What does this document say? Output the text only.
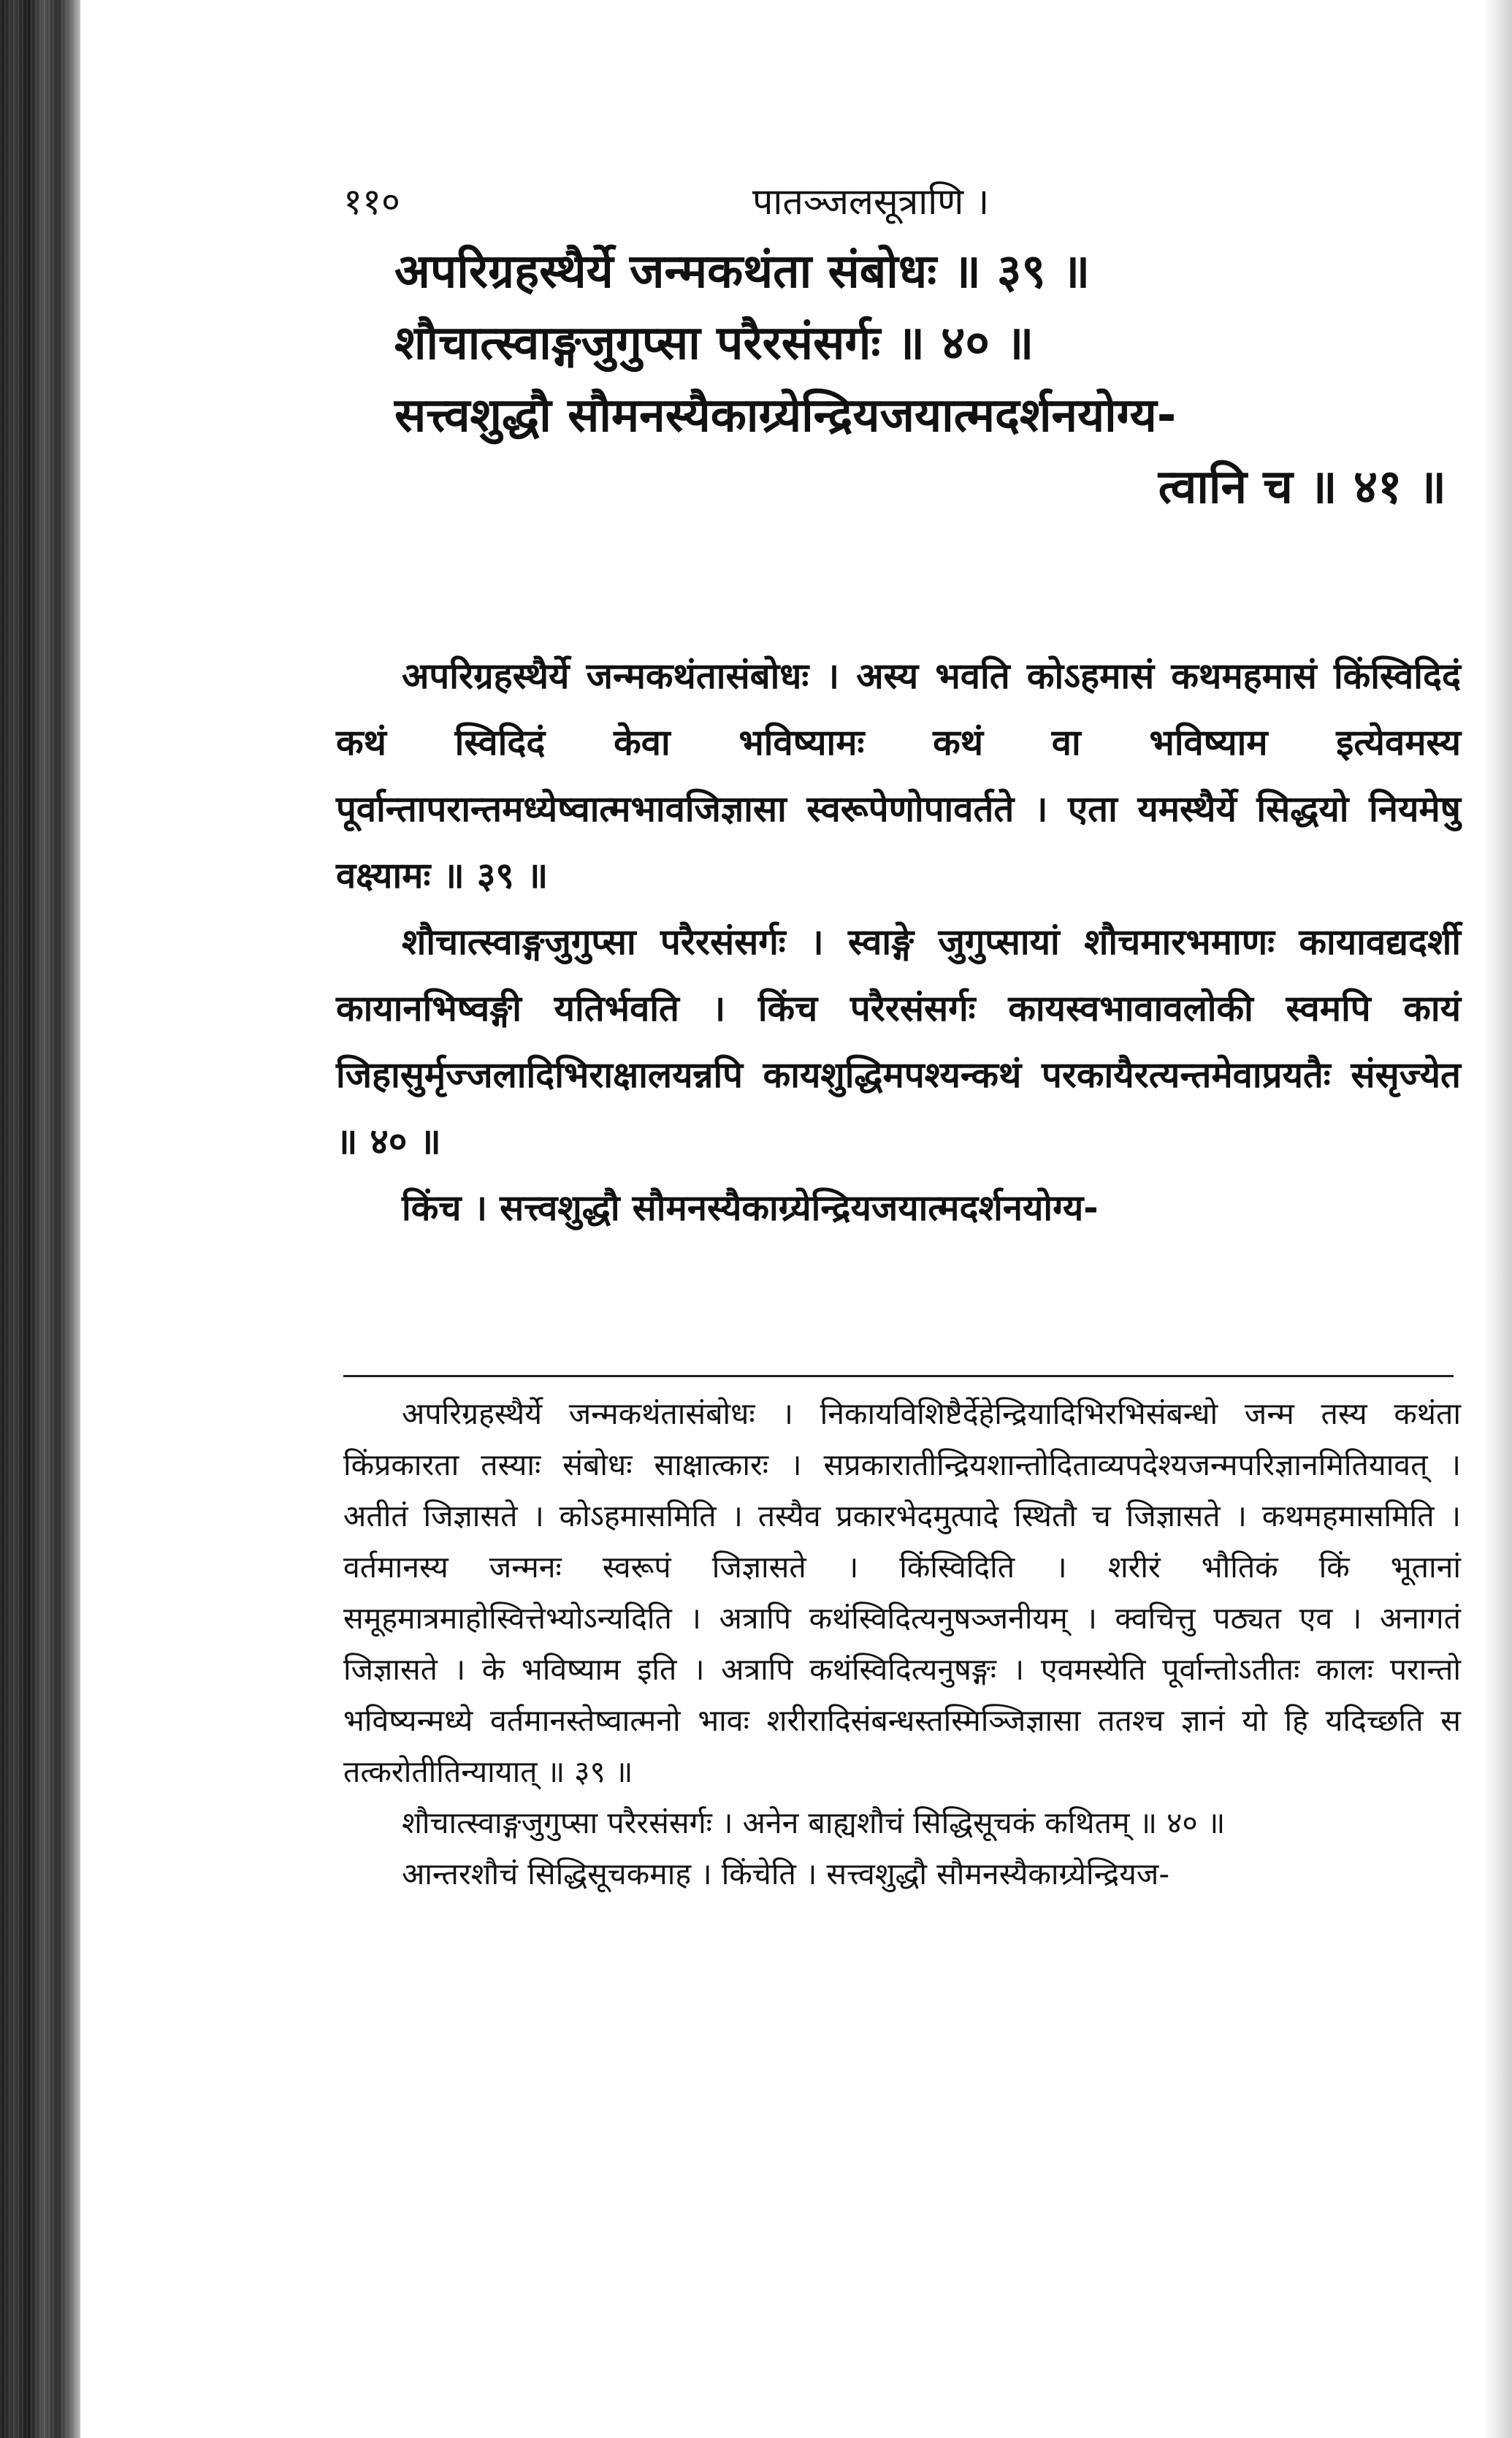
११०	पातञ्जलसूत्राणि ।
अपरिग्रहस्थैर्ये जन्मकथंता संबोधः ॥ ३९ ॥
शौचात्स्वाङ्गजुगुप्सा परैरसंसर्गः ॥ ४० ॥
सत्त्वशुद्धौ सौमनस्यैकाग्र्येन्द्रियजयात्मदर्शनयोग्य-
त्वानि च ॥ ४१ ॥

अपरिग्रहस्थैर्ये जन्मकथंतासंबोधः । अस्य भवति कोऽहमासं कथमहमासं किंस्विदिदं कथं स्विदिदं केवा भविष्यामः कथं वा भविष्याम इत्येवमस्य पूर्वान्तापरान्तमध्येष्वात्मभावजिज्ञासा स्वरूपेणोपावर्तते । एता यमस्थैर्ये सिद्धयो नियमेषु वक्ष्यामः ॥ ३९ ॥

शौचात्स्वाङ्गजुगुप्सा परैरसंसर्गः । स्वाङ्गे जुगुप्सायां शौचमारभमाणः कायावद्यदर्शी कायानभिष्वङ्गी यतिर्भवति । किंच परैरसंसर्गः कायस्वभावावलोकी स्वमपि कायं जिहासुर्मृज्जलादिभिराक्षालयन्नपि कायशुद्धिमपश्यन्कथं परकायैरत्यन्तमेवाप्रयतैः संसृज्येत ॥ ४० ॥

किंच । सत्त्वशुद्धौ सौमनस्यैकाग्र्येन्द्रियजयात्मदर्शनयोग्य-

अपरिग्रहस्थैर्ये जन्मकथंतासंबोधः । निकायविशिष्टैर्देहेन्द्रियादिभिरभिसंबन्धो जन्म तस्य कथंता किंप्रकारता तस्याः संबोधः साक्षात्कारः । सप्रकारातीन्द्रियशान्तोदिताव्यपदेश्यजन्मपरिज्ञानमितियावत् । अतीतं जिज्ञासते । कोऽहमासमिति । तस्यैव प्रकारभेदमुत्पादे स्थितौ च जिज्ञासते । कथमहमासमिति । वर्तमानस्य जन्मनः स्वरूपं जिज्ञासते । किंस्विदिति । शरीरं भौतिकं किं भूतानां समूहमात्रमाहोस्वित्तेभ्योऽन्यदिति । अत्रापि कथंस्विदित्यनुषञ्जनीयम् । क्वचित्तु पठ्यत एव । अनागतं जिज्ञासते । के भविष्याम इति । अत्रापि कथंस्विदित्यनुषङ्गः । एवमस्येति पूर्वान्तोऽतीतः कालः परान्तो भविष्यन्मध्ये वर्तमानस्तेष्वात्मनो भावः शरीरादिसंबन्धस्तस्मिञ्जिज्ञासा ततश्च ज्ञानं यो हि यदिच्छति स तत्करोतीतिन्यायात् ॥ ३९ ॥

शौचात्स्वाङ्गजुगुप्सा परैरसंसर्गः । अनेन बाह्यशौचं सिद्धिसूचकं कथितम् ॥ ४० ॥

आन्तरशौचं सिद्धिसूचकमाह । किंचेति । सत्त्वशुद्धौ सौमनस्यैकाग्र्येन्द्रियज-
